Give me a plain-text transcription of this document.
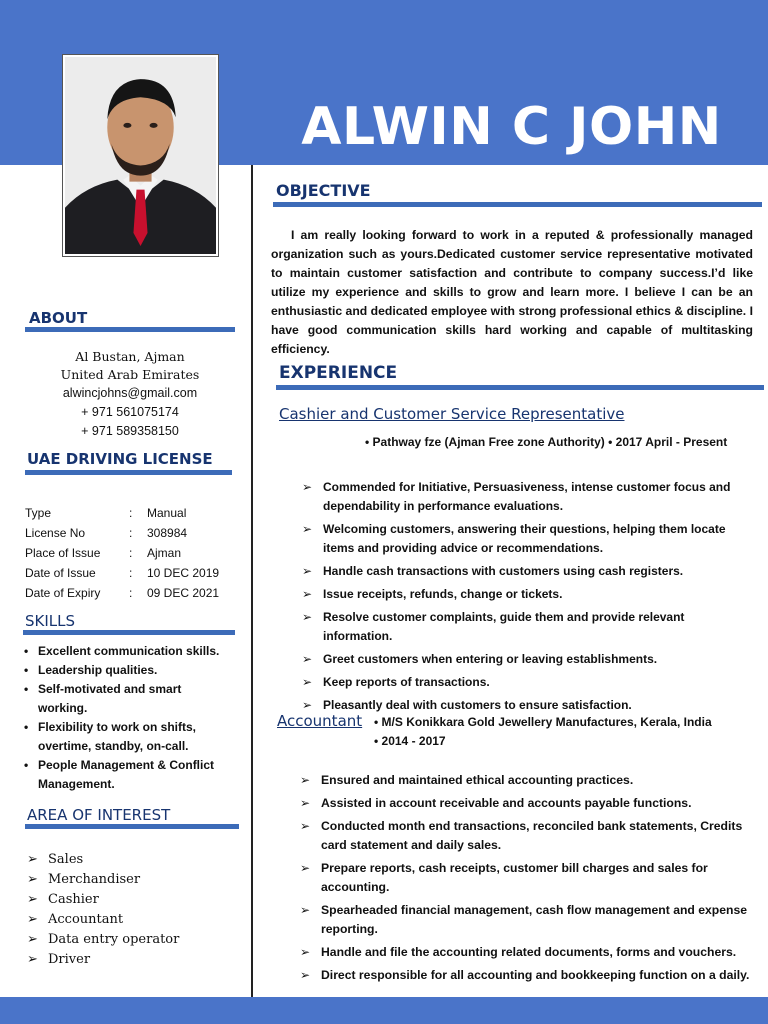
ALWIN C JOHN
ABOUT
Al Bustan, Ajman
United Arab Emirates
alwincjohns@gmail.com
+ 971 561075174
+ 971 589358150
UAE DRIVING LICENSE
Type	:	Manual
License No	:	308984
Place of Issue	:	Ajman
Date of Issue	:	10 DEC 2019
Date of Expiry	:	09 DEC 2021
SKILLS
• Excellent communication skills.
• Leadership qualities.
• Self-motivated and smart working.
• Flexibility to work on shifts, overtime, standby, on-call.
• People Management & Conflict Management.
AREA OF INTEREST
➢ Sales
➢ Merchandiser
➢ Cashier
➢ Accountant
➢ Data entry operator
➢ Driver
OBJECTIVE
I am really looking forward to work in a reputed & professionally managed organization such as yours.Dedicated customer service representative motivated to maintain customer satisfaction and contribute to company success.I’d like utilize my experience and skills to grow and learn more. I believe I can be an enthusiastic and dedicated employee with strong professional ethics & discipline. I have good communication skills hard working and capable of multitasking efficiency.
EXPERIENCE
Cashier and Customer Service Representative
• Pathway fze (Ajman Free zone Authority) • 2017 April - Present
➢ Commended for Initiative, Persuasiveness, intense customer focus and dependability in performance evaluations.
➢ Welcoming customers, answering their questions, helping them locate items and providing advice or recommendations.
➢ Handle cash transactions with customers using cash registers.
➢ Issue receipts, refunds, change or tickets.
➢ Resolve customer complaints, guide them and provide relevant information.
➢ Greet customers when entering or leaving establishments.
➢ Keep reports of transactions.
➢ Pleasantly deal with customers to ensure satisfaction.
Accountant • M/S Konikkara Gold Jewellery Manufactures, Kerala, India
• 2014 - 2017
➢ Ensured and maintained ethical accounting practices.
➢ Assisted in account receivable and accounts payable functions.
➢ Conducted month end transactions, reconciled bank statements, Credits card statement and daily sales.
➢ Prepare reports, cash receipts, customer bill charges and sales for accounting.
➢ Spearheaded financial management, cash flow management and expense reporting.
➢ Handle and file the accounting related documents, forms and vouchers.
➢ Direct responsible for all accounting and bookkeeping function on a daily.
